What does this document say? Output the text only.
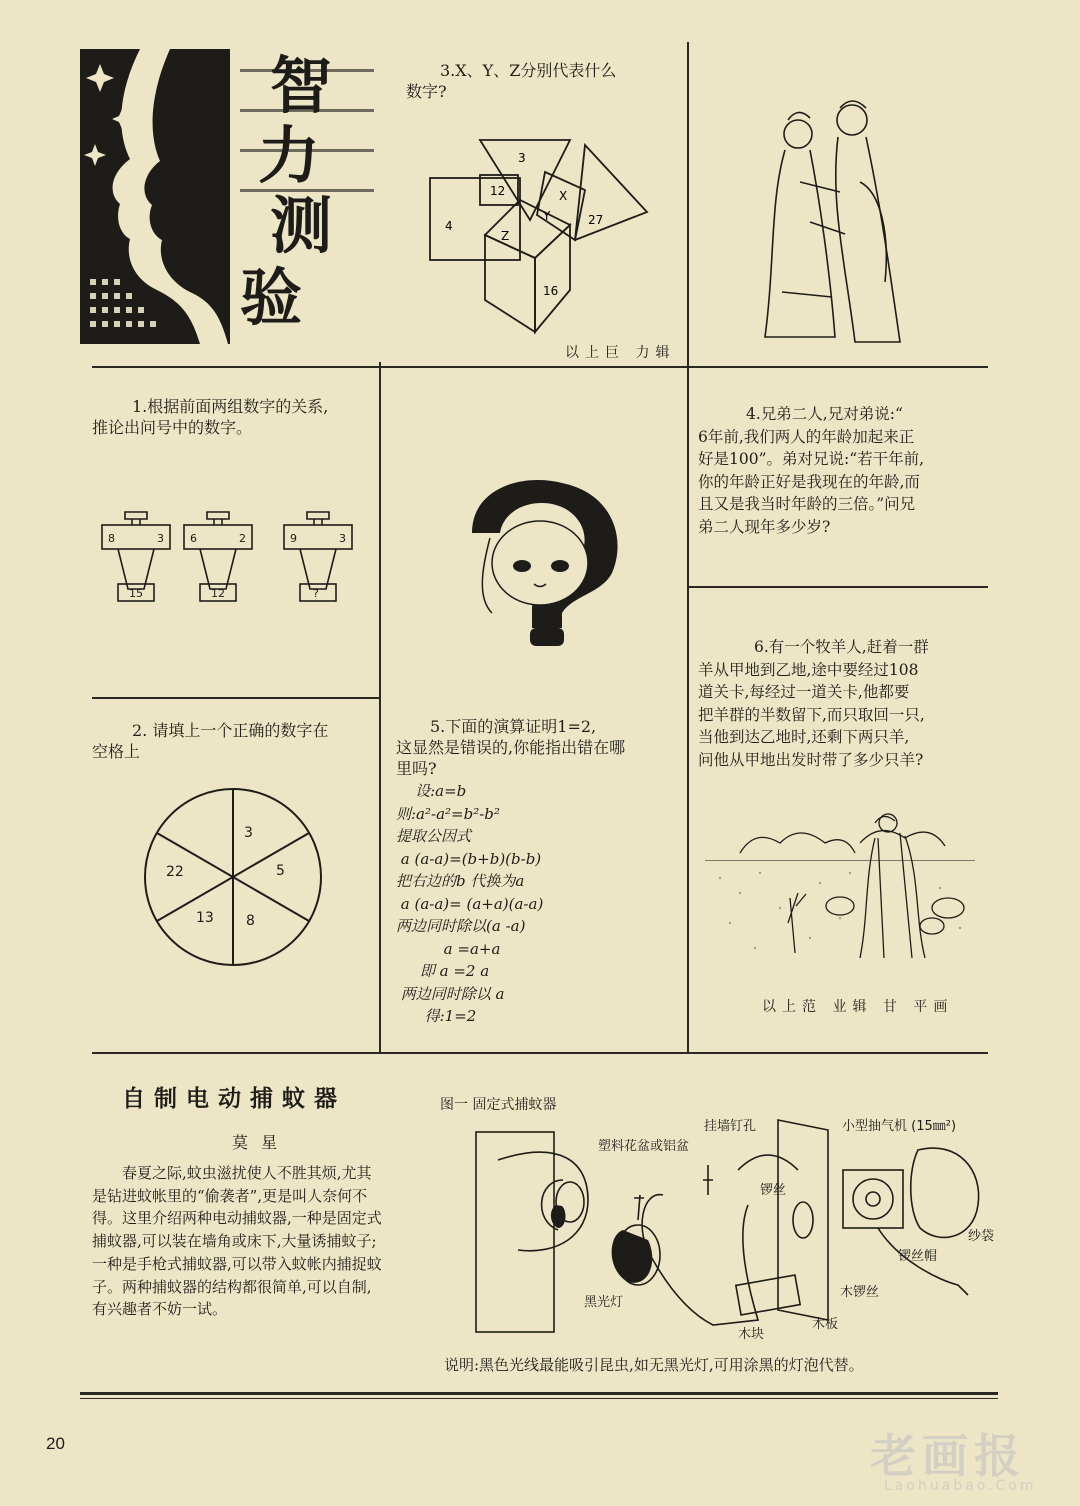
智
力
测
验
3.X、Y、Z分别代表什么
数字?
3
12
4
X
Y
Z
27
16
以上巨 力辑
1.根据前面两组数字的关系,
推论出问号中的数字。
8	3
15
6	2
12
9	3
?
4.兄弟二人,兄对弟说:“
6年前,我们两人的年龄加起来正
好是100”。弟对兄说:“若干年前,
你的年龄正好是我现在的年龄,而
且又是我当时年龄的三倍。”问兄
弟二人现年多少岁?
2. 请填上一个正确的数字在
空格上
3
5
8
13
22
5.下面的演算证明1=2,
这显然是错误的,你能指出错在哪
里吗?
设:a=b
则:a²-a²=b²-b²
提取公因式
a (a-a)=(b+b)(b-b)
把右边的b 代换为a
a (a-a)= (a+a)(a-a)
两边同时除以(a -a)
a =a+a
即 a =2 a
两边同时除以 a
得:1=2
6.有一个牧羊人,赶着一群
羊从甲地到乙地,途中要经过108
道关卡,每经过一道关卡,他都要
把羊群的半数留下,而只取回一只,
当他到达乙地时,还剩下两只羊,
问他从甲地出发时带了多少只羊?
以上范 业辑 甘 平画
自制电动捕蚊器
莫 星
春夏之际,蚊虫滋扰使人不胜其烦,尤其
是钻进蚊帐里的“偷袭者”,更是叫人奈何不
得。这里介绍两种电动捕蚊器,一种是固定式
捕蚊器,可以装在墙角或床下,大量诱捕蚊子;
一种是手枪式捕蚊器,可以带入蚊帐内捕捉蚊
子。两种捕蚊器的结构都很简单,可以自制,
有兴趣者不妨一试。
图一 固定式捕蚊器
挂墙钉孔
塑料花盆或铝盆
小型抽气机 (15㎜²)
锣丝
锣丝帽
纱袋
黑光灯
木锣丝
木块
木板
说明:黑色光线最能吸引昆虫,如无黑光灯,可用涂黑的灯泡代替。
20	老画报
Laohuabao.Com
